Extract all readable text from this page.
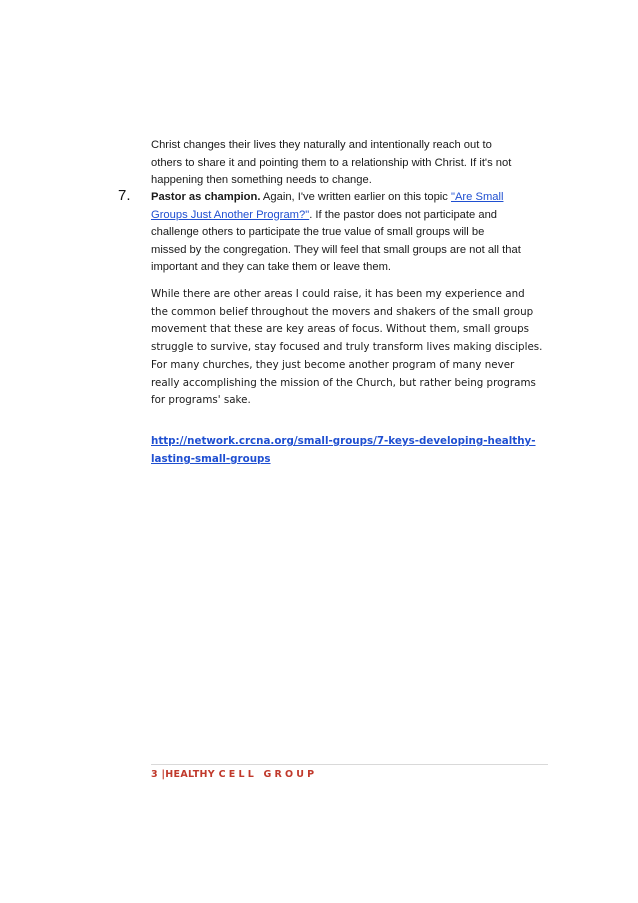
Christ changes their lives they naturally and intentionally reach out to
others to share it and pointing them to a relationship with Christ. If it's not
happening then something needs to change.
7. Pastor as champion. Again, I've written earlier on this topic "Are Small
Groups Just Another Program?". If the pastor does not participate and
challenge others to participate the true value of small groups will be
missed by the congregation. They will feel that small groups are not all that
important and they can take them or leave them.
While there are other areas I could raise, it has been my experience and
the common belief throughout the movers and shakers of the small group
movement that these are key areas of focus. Without them, small groups
struggle to survive, stay focused and truly transform lives making disciples.
For many churches, they just become another program of many never
really accomplishing the mission of the Church, but rather being programs
for programs' sake.
http://network.crcna.org/small-groups/7-keys-developing-healthy-
lasting-small-groups
3 |HEALTHY CELL GROUP
